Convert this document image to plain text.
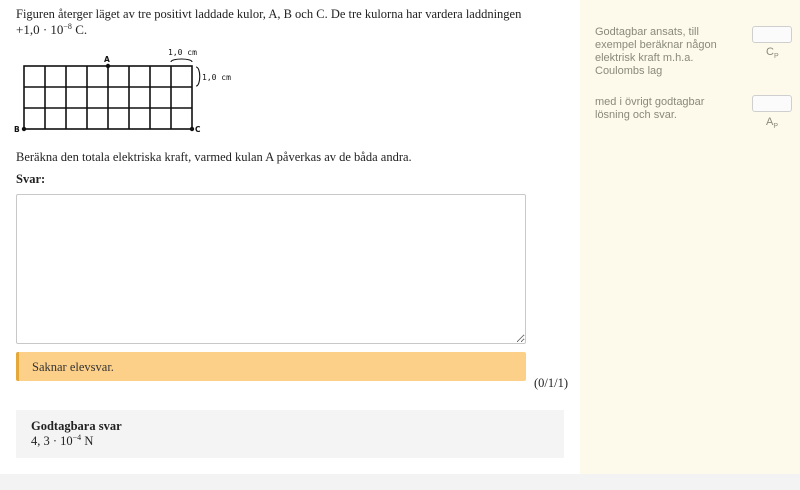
Figuren återger läget av tre positivt laddade kulor, A, B och C. De tre kulorna har vardera laddningen
$+1,0 \cdot 10^{-8}$ C.
1,0 cm
1,0 cm
A
B	C
Beräkna den totala elektriska kraft, varmed kulan A påverkas av de båda andra.
Svar:
Saknar elevsvar.
(0/1/1)
Godtagbara svar
4, $3 \cdot 10^{-4}$ N
Godtagbar ansats, till exempel beräknar någon elektrisk kraft m.h.a. Coulombs lag
$C_P$
med i övrigt godtagbar lösning och svar.
$A_P$
